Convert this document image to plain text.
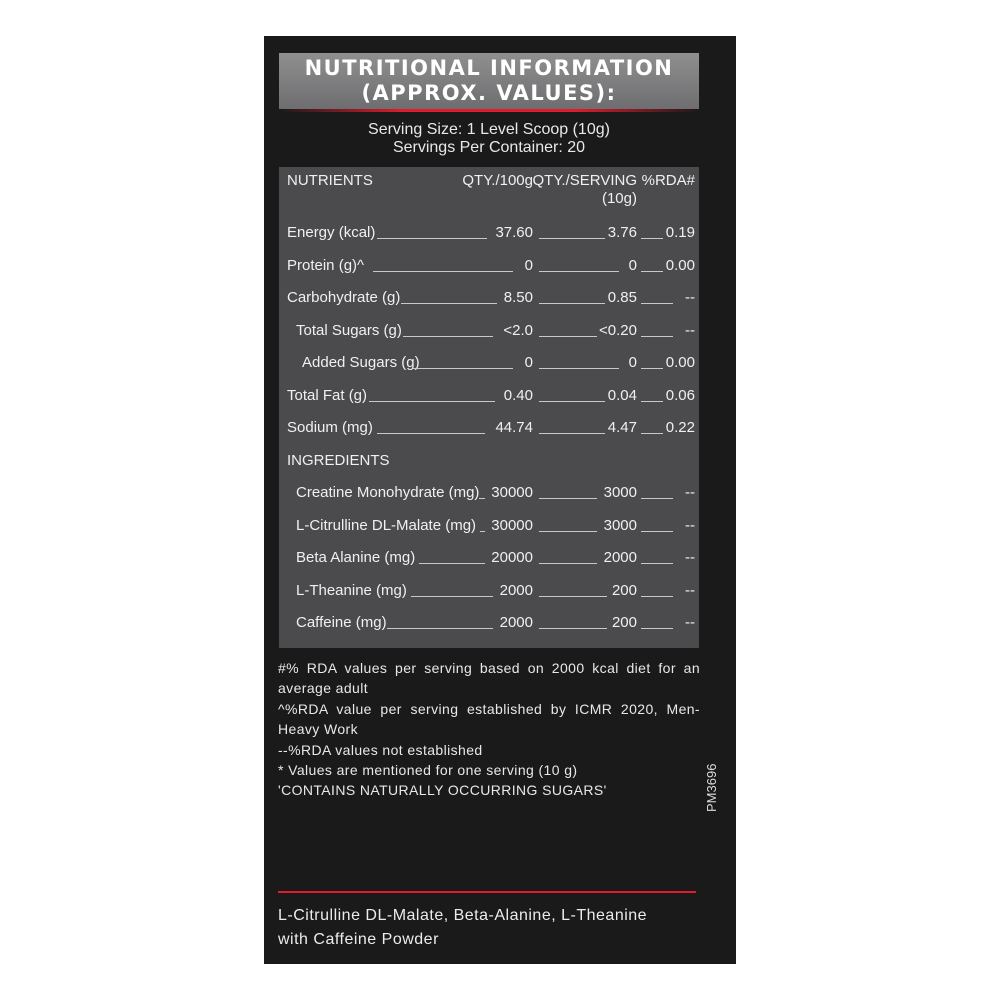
NUTRITIONAL INFORMATION
(APPROX. VALUES):
Serving Size: 1 Level Scoop (10g)
Servings Per Container: 20
NUTRIENTS	QTY./100g QTY./SERVING
(10g)
%RDA#
Energy (kcal)	37.60	3.76 0.19
Protein (g)^	0	0 0.00
Carbohydrate (g)	8.50	0.85	--
Total Sugars (g)	<2.0	<0.20	--
Added Sugars (g)	0	0 0.00
Total Fat (g)	0.40	0.04 0.06
Sodium (mg)	44.74	4.47 0.22
INGREDIENTS
Creatine Monohydrate (mg) 30000	3000	--
L-Citrulline DL-Malate (mg) 30000	3000	--
Beta Alanine (mg)	20000	2000	--
L-Theanine (mg)	2000	200	--
Caffeine (mg)	2000	200	--

#% RDA values per serving based on 2000 kcal diet for an average adult

^%RDA value per serving established by ICMR 2020, Men-Heavy Work

--%RDA values not established

* Values are mentioned for one serving (10 g)

'CONTAINS NATURALLY OCCURRING SUGARS'	PM3696
L-Citrulline DL-Malate, Beta-Alanine, L-Theanine
with Caffeine Powder
